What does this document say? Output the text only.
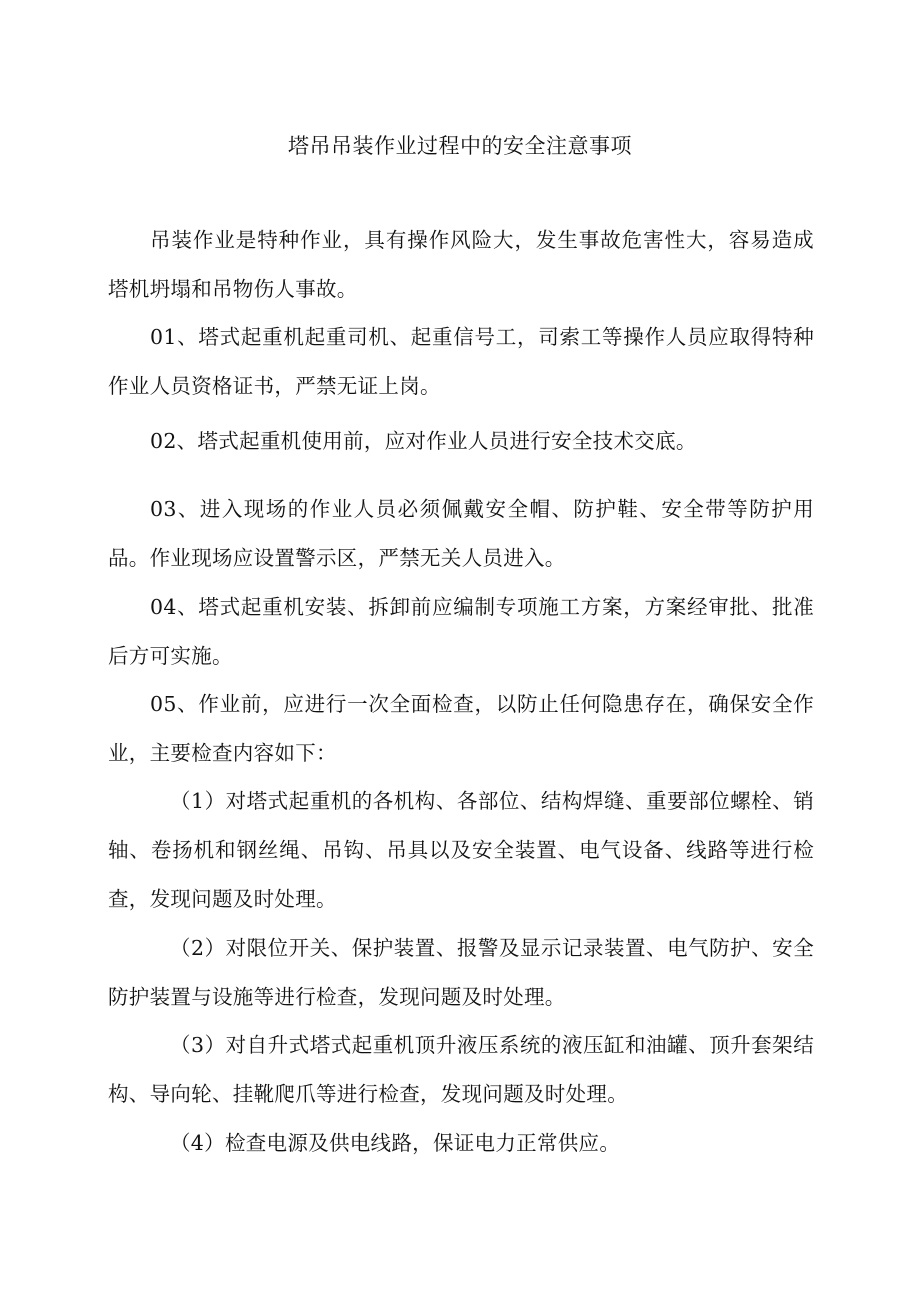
塔吊吊装作业过程中的安全注意事项

吊装作业是特种作业，具有操作风险大，发生事故危害性大，容易造成塔机坍塌和吊物伤人事故。

01、塔式起重机起重司机、起重信号工，司索工等操作人员应取得特种作业人员资格证书，严禁无证上岗。

02、塔式起重机使用前，应对作业人员进行安全技术交底。

03、进入现场的作业人员必须佩戴安全帽、防护鞋、安全带等防护用品。作业现场应设置警示区，严禁无关人员进入。

04、塔式起重机安装、拆卸前应编制专项施工方案，方案经审批、批准后方可实施。

05、作业前，应进行一次全面检查，以防止任何隐患存在，确保安全作业，主要检查内容如下：

（1）对塔式起重机的各机构、各部位、结构焊缝、重要部位螺栓、销轴、卷扬机和钢丝绳、吊钩、吊具以及安全装置、电气设备、线路等进行检查，发现问题及时处理。

（2）对限位开关、保护装置、报警及显示记录装置、电气防护、安全防护装置与设施等进行检查，发现问题及时处理。

（3）对自升式塔式起重机顶升液压系统的液压缸和油罐、顶升套架结构、导向轮、挂靴爬爪等进行检查，发现问题及时处理。

（4）检查电源及供电线路，保证电力正常供应。
